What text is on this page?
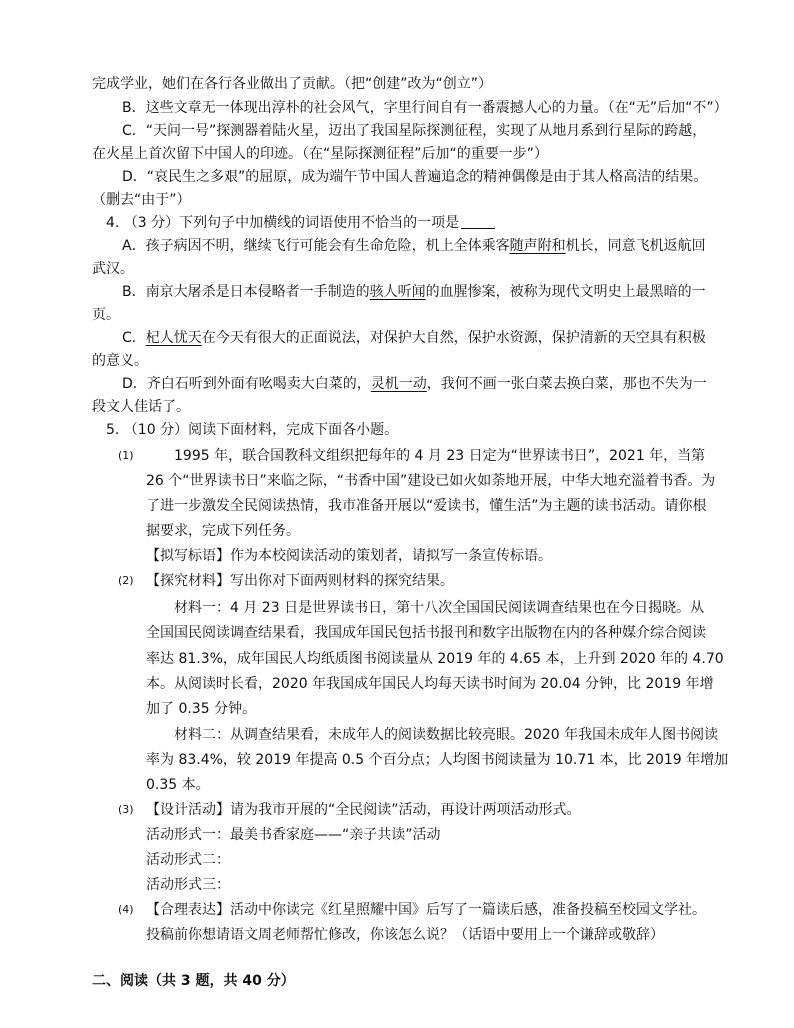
完成学业，她们在各行各业做出了贡献。（把“创建”改为“创立”）
B．这些文章无一体现出淳朴的社会风气，字里行间自有一番震撼人心的力量。（在“无”后加“不”）
C．“天问一号”探测器着陆火星，迈出了我国星际探测征程，实现了从地月系到行星际的跨越，
在火星上首次留下中国人的印迹。（在“星际探测征程”后加“的重要一步”）
D．“哀民生之多艰”的屈原，成为端午节中国人普遍追念的精神偶像是由于其人格高洁的结果。
（删去“由于”）
4. （3 分）下列句子中加横线的词语使用不恰当的一项是
A．孩子病因不明，继续飞行可能会有生命危险，机上全体乘客随声附和机长，同意飞机返航回
武汉。
B．南京大屠杀是日本侵略者一手制造的骇人听闻的血腥惨案，被称为现代文明史上最黑暗的一
页。
C．杞人忧天在今天有很大的正面说法，对保护大自然，保护水资源，保护清新的天空具有积极
的意义。
D．齐白石听到外面有吆喝卖大白菜的，灵机一动，我何不画一张白菜去换白菜，那也不失为一
段文人佳话了。
5. （10 分）阅读下面材料，完成下面各小题。
(1) 　　1995 年，联合国教科文组织把每年的 4 月 23 日定为“世界读书日”，2021 年，当第
26 个“世界读书日”来临之际，“书香中国”建设已如火如荼地开展，中华大地充溢着书香。为
了进一步激发全民阅读热情，我市准备开展以“爱读书，懂生活”为主题的读书活动。请你根
据要求，完成下列任务。
【拟写标语】作为本校阅读活动的策划者，请拟写一条宣传标语。
(2) 【探究材料】写出你对下面两则材料的探究结果。
　　材料一：4 月 23 日是世界读书日，第十八次全国国民阅读调查结果也在今日揭晓。从
全国国民阅读调查结果看，我国成年国民包括书报刊和数字出版物在内的各种媒介综合阅读
率达 81.3%，成年国民人均纸质图书阅读量从 2019 年的 4.65 本，上升到 2020 年的 4.70
本。从阅读时长看，2020 年我国成年国民人均每天读书时间为 20.04 分钟，比 2019 年增
加了 0.35 分钟。
　　材料二：从调查结果看，未成年人的阅读数据比较亮眼。2020 年我国未成年人图书阅读
率为 83.4%，较 2019 年提高 0.5 个百分点；人均图书阅读量为 10.71 本，比 2019 年增加
0.35 本。
(3) 【设计活动】请为我市开展的“全民阅读”活动，再设计两项活动形式。
活动形式一：最美书香家庭——“亲子共读”活动
活动形式二：
活动形式三：
(4) 【合理表达】活动中你读完《红星照耀中国》后写了一篇读后感，准备投稿至校园文学社。
投稿前你想请语文周老师帮忙修改，你该怎么说？（话语中要用上一个谦辞或敬辞）
二、阅读（共 3 题，共 40 分）
